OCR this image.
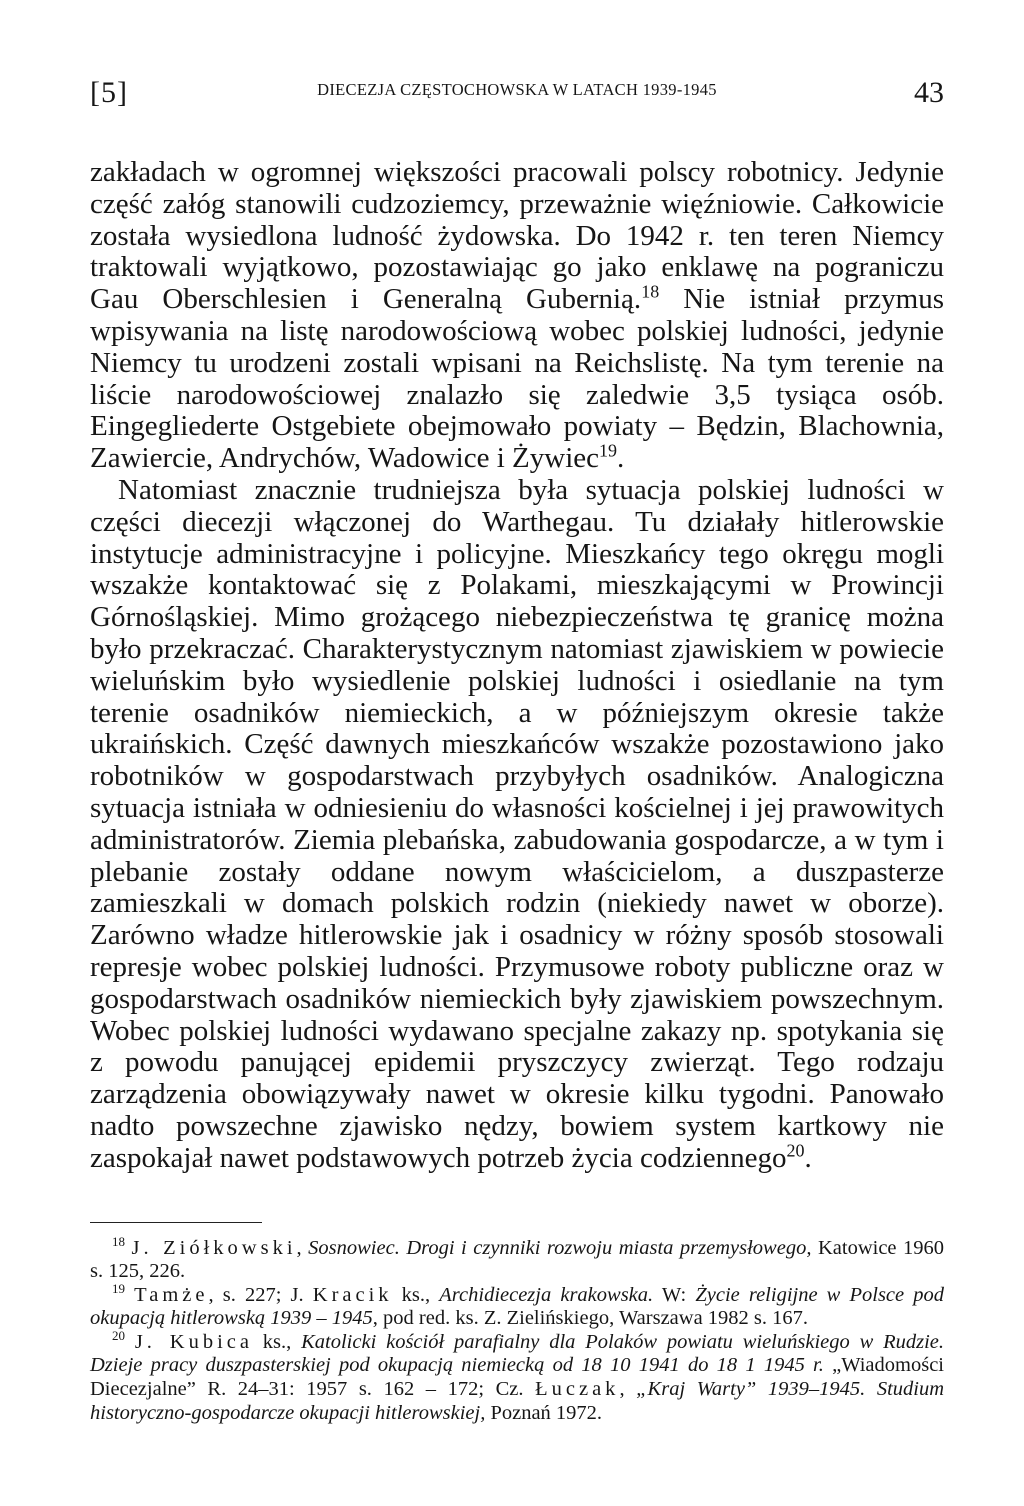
[5]	DIECEZJA CZĘSTOCHOWSKA W LATACH 1939-1945	43

zakładach w ogromnej większości pracowali polscy robotnicy. Jedynie część załóg stanowili cudzoziemcy, przeważnie więźniowie. Całkowicie została wysiedlona ludność żydowska. Do 1942 r. ten teren Niemcy traktowali wyjątkowo, pozostawiając go jako enklawę na pograniczu Gau Oberschlesien i Generalną Gubernią.$^{18}$ Nie istniał przymus wpisywania na listę narodowościową wobec polskiej ludności, jedynie Niemcy tu urodzeni zostali wpisani na Reichslistę. Na tym terenie na liście narodowościowej znalazło się zaledwie 3,5 tysiąca osób. Eingegliederte Ostgebiete obejmowało powiaty – Będzin, Blachownia, Zawiercie, Andrychów, Wadowice i Żywiec$^{19}$.

Natomiast znacznie trudniejsza była sytuacja polskiej ludności w części diecezji włączonej do Warthegau. Tu działały hitlerowskie instytucje administracyjne i policyjne. Mieszkańcy tego okręgu mogli wszakże kontaktować się z Polakami, mieszkającymi w Prowincji Górnośląskiej. Mimo grożącego niebezpieczeństwa tę granicę można było przekraczać. Charakterystycznym natomiast zjawiskiem w powiecie wieluńskim było wysiedlenie polskiej ludności i osiedlanie na tym terenie osadników niemieckich, a w późniejszym okresie także ukraińskich. Część dawnych mieszkańców wszakże pozostawiono jako robotników w gospodarstwach przybyłych osadników. Analogiczna sytuacja istniała w odniesieniu do własności kościelnej i jej prawowitych administratorów. Ziemia plebańska, zabudowania gospodarcze, a w tym i plebanie zostały oddane nowym właścicielom, a duszpasterze zamieszkali w domach polskich rodzin (niekiedy nawet w oborze). Zarówno władze hitlerowskie jak i osadnicy w różny sposób stosowali represje wobec polskiej ludności. Przymusowe roboty publiczne oraz w gospodarstwach osadników niemieckich były zjawiskiem powszechnym. Wobec polskiej ludności wydawano specjalne zakazy np. spotykania się z powodu panującej epidemii pryszczycy zwierząt. Tego rodzaju zarządzenia obowiązywały nawet w okresie kilku tygodni. Panowało nadto powszechne zjawisko nędzy, bowiem system kartkowy nie zaspokajał nawet podstawowych potrzeb życia codziennego$^{20}$.

$^{18}$ J. Ziółkowski, Sosnowiec. Drogi i czynniki rozwoju miasta przemysłowego, Katowice 1960 s. 125, 226.

$^{19}$ Tamże, s. 227; J. Kracik ks., Archidiecezja krakowska. W: Życie religijne w Polsce pod okupacją hitlerowską 1939 – 1945, pod red. ks. Z. Zielińskiego, Warszawa 1982 s. 167.

$^{20}$ J. Kubica ks., Katolicki kościół parafialny dla Polaków powiatu wieluńskiego w Rudzie. Dzieje pracy duszpasterskiej pod okupacją niemiecką od 18 10 1941 do 18 1 1945 r. „Wiadomości Diecezjalne” R. 24–31: 1957 s. 162 – 172; Cz. Łuczak, „Kraj Warty” 1939–1945. Studium historyczno-gospodarcze okupacji hitlerowskiej, Poznań 1972.
